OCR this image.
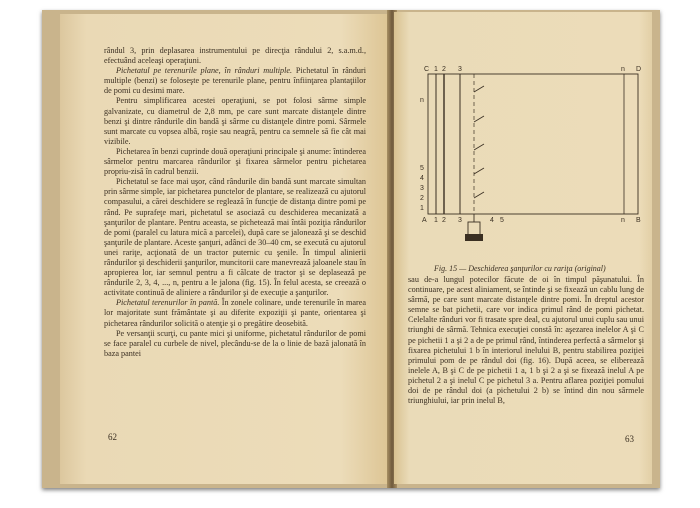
rândul 3, prin deplasarea instrumentului pe direcţia rândului 2, s.a.m.d., efectuând aceleaşi operaţiuni.

Pichetatul pe terenurile plane, în rânduri multiple. Pichetatul în rânduri multiple (benzi) se foloseşte pe terenurile plane, pentru înfiinţarea plantaţiilor de pomi cu desimi mare.

Pentru simplificarea acestei operaţiuni, se pot folosi sârme simple galvanizate, cu diametrul de 2,8 mm, pe care sunt marcate distanţele dintre benzi şi dintre rândurile din bandă şi sârme cu distanţele dintre pomi. Sârmele sunt marcate cu vopsea albă, roşie sau neagră, pentru ca semnele să fie cât mai vizibile.

Pichetarea în benzi cuprinde două operaţiuni principale şi anume: întinderea sârmelor pentru marcarea rândurilor şi fixarea sârmelor pentru pichetarea propriu-zisă în cadrul benzii.

Pichetatul se face mai uşor, când rândurile din bandă sunt marcate simultan prin sârme simple, iar pichetarea punctelor de plantare, se realizează cu ajutorul compasului, a cărei deschidere se reglează în funcţie de distanţa dintre pomi pe rând. Pe suprafeţe mari, pichetatul se asociază cu deschiderea mecanizată a şanţurilor de plantare. Pentru aceasta, se pichetează mai întâi poziţia rândurilor de pomi (paralel cu latura mică a parcelei), după care se jalonează şi se deschid şanţurile de plantare. Aceste şanţuri, adânci de 30–40 cm, se execută cu ajutorul unei rariţe, acţionată de un tractor puternic cu şenile. În timpul alinierii rândurilor şi deschiderii şanţurilor, muncitorii care manevrează jaloanele stau în apropierea lor, iar semnul pentru a fi călcate de tractor şi se deplasează pe rândurile 2, 3, 4, ..., n, pentru a le jalona (fig. 15). În felul acesta, se creează o activitate continuă de aliniere a rândurilor şi de execuţie a şanţurilor.

Pichetatul terenurilor în pantă. În zonele colinare, unde terenurile în marea lor majoritate sunt frământate şi au diferite expoziţii şi pante, orientarea şi pichetarea rândurilor solicită o atenţie şi o pregătire deosebită.

Pe versanţii scurţi, cu pante mici şi uniforme, pichetatul rândurilor de pomi se face paralel cu curbele de nivel, plecându-se de la o linie de bază jalonată în baza pantei

62
C 1 2 3	n D
A 1 2 3	4 5	n B
n
5
4
3
2
1
Fig. 15 — Deschiderea şanţurilor cu rariţa (original)

sau de-a lungul potecilor făcute de oi în timpul păşunatului. În continuare, pe acest aliniament, se întinde şi se fixează un cablu lung de sârmă, pe care sunt marcate distanţele dintre pomi. În dreptul acestor semne se bat pichetii, care vor indica primul rând de pomi pichetat. Celelalte rânduri vor fi trasate spre deal, cu ajutorul unui cuplu sau unui triunghi de sârmă. Tehnica execuţiei constă în: aşezarea inelelor A şi C pe pichetii 1 a şi 2 a de pe primul rând, întinderea perfectă a sârmelor şi fixarea pichetului 1 b în interiorul inelului B, pentru stabilirea poziţiei primului pom de pe rândul doi (fig. 16). După aceea, se eliberează inelele A, B şi C de pe pichetii 1 a, 1 b şi 2 a şi se fixează inelul A pe pichetul 2 a şi inelul C pe pichetul 3 a. Pentru aflarea poziţiei pomului doi de pe rândul doi (a pichetului 2 b) se întind din nou sârmele triunghiului, iar prin inelul B,

63
